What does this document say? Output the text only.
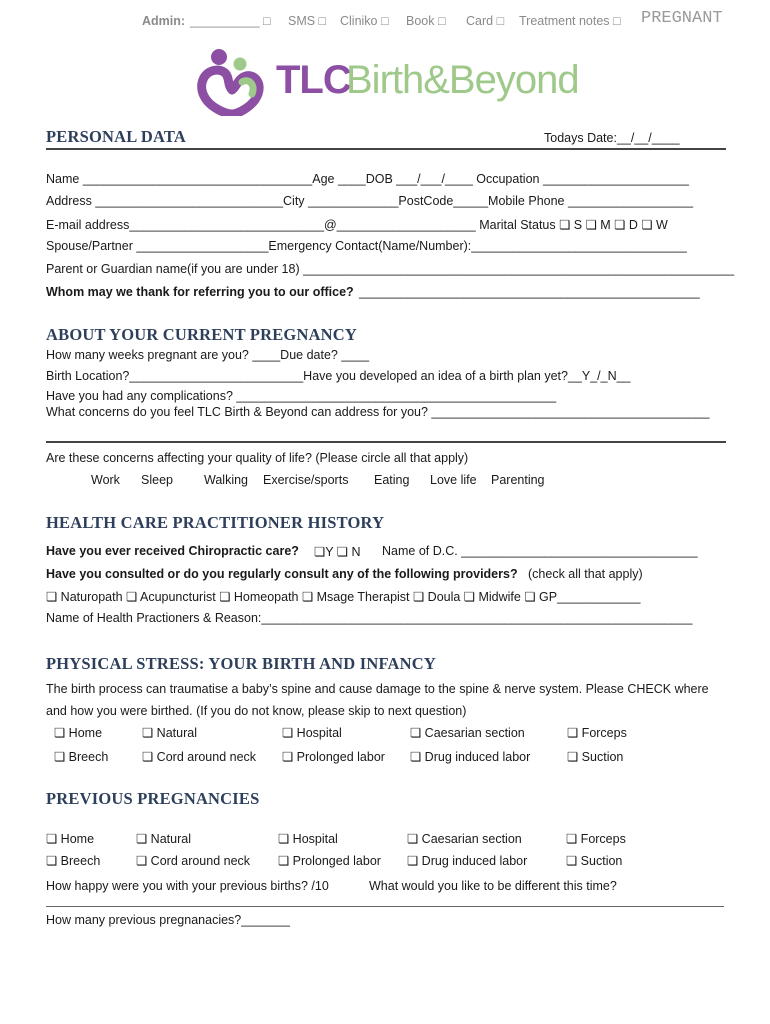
Admin: __________ □ SMS □ Cliniko □ Book □ Card □ Treatment notes □ PREGNANT
TLC
Birth&Beyond
PERSONAL DATA	Todays Date:__/__/____
Name _________________________________Age ____DOB ___/___/____ Occupation _____________________
Address ___________________________City _____________PostCode_____Mobile Phone __________________
E-mail address____________________________@____________________ Marital Status ❏ S ❏ M ❏ D ❏ W
Spouse/Partner ___________________Emergency Contact(Name/Number):_______________________________
Parent or Guardian name(if you are under 18) ______________________________________________________________
Whom may we thank for referring you to our office? _________________________________________________
ABOUT YOUR CURRENT PREGNANCY
How many weeks pregnant are you? ____Due date? ____
Birth Location?_________________________Have you developed an idea of a birth plan yet?__Y_/_N__
Have you had any complications? ______________________________________________
What concerns do you feel TLC Birth & Beyond can address for you? ________________________________________
Are these concerns affecting your quality of life? (Please circle all that apply)
Work Sleep Walking Exercise/sports Eating Love life Parenting
HEALTH CARE PRACTITIONER HISTORY
Have you ever received Chiropractic care? ❏Y ❏ N Name of D.C. __________________________________
Have you consulted or do you regularly consult any of the following providers? (check all that apply)
❏ Naturopath ❏ Acupuncturist ❏ Homeopath ❏ Msage Therapist ❏ Doula ❏ Midwife ❏ GP____________
Name of Health Practioners & Reason:______________________________________________________________
PHYSICAL STRESS: YOUR BIRTH AND INFANCY
The birth process can traumatise a baby’s spine and cause damage to the spine & nerve system. Please CHECK where
and how you were birthed. (If you do not know, please skip to next question)
❏ Home	❏ Natural	❏ Hospital	❏ Caesarian section	❏ Forceps
❏ Breech	❏ Cord around neck ❏ Prolonged labor ❏ Drug induced labor	❏ Suction
PREVIOUS PREGNANCIES
❏ Home	❏ Natural	❏ Hospital	❏ Caesarian section	❏ Forceps
❏ Breech	❏ Cord around neck ❏ Prolonged labor ❏ Drug induced labor	❏ Suction
How happy were you with your previous births? /10	What would you like to be different this time?
How many previous pregnanacies?_______
